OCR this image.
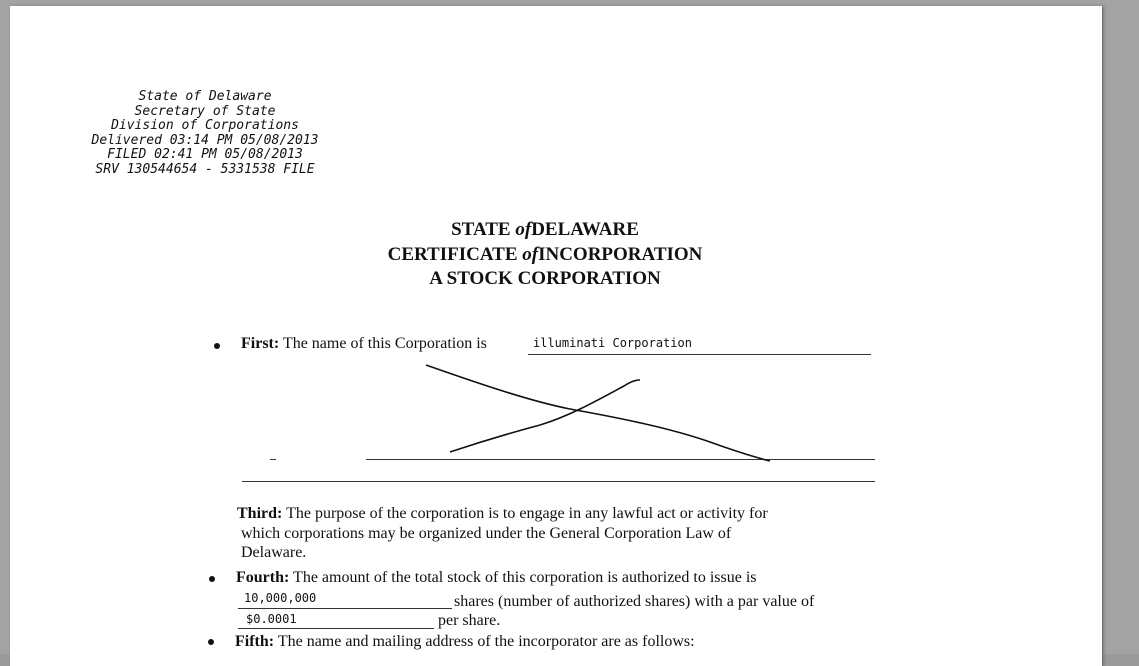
State of Delaware
Secretary of State
Division of Corporations
Delivered 03:14 PM 05/08/2013
FILED 02:41 PM 05/08/2013
SRV 130544654 - 5331538 FILE
STATE ofDELAWARE
CERTIFICATE ofINCORPORATION
A STOCK CORPORATION
First: The name of this Corporation is	illuminati Corporation
Third: The purpose of the corporation is to engage in any lawful act or activity for
which corporations may be organized under the General Corporation Law of
Delaware.
Fourth: The amount of the total stock of this corporation is authorized to issue is
10,000,000	shares (number of authorized shares) with a par value of
$0.0001	per share.
Fifth: The name and mailing address of the incorporator are as follows:
